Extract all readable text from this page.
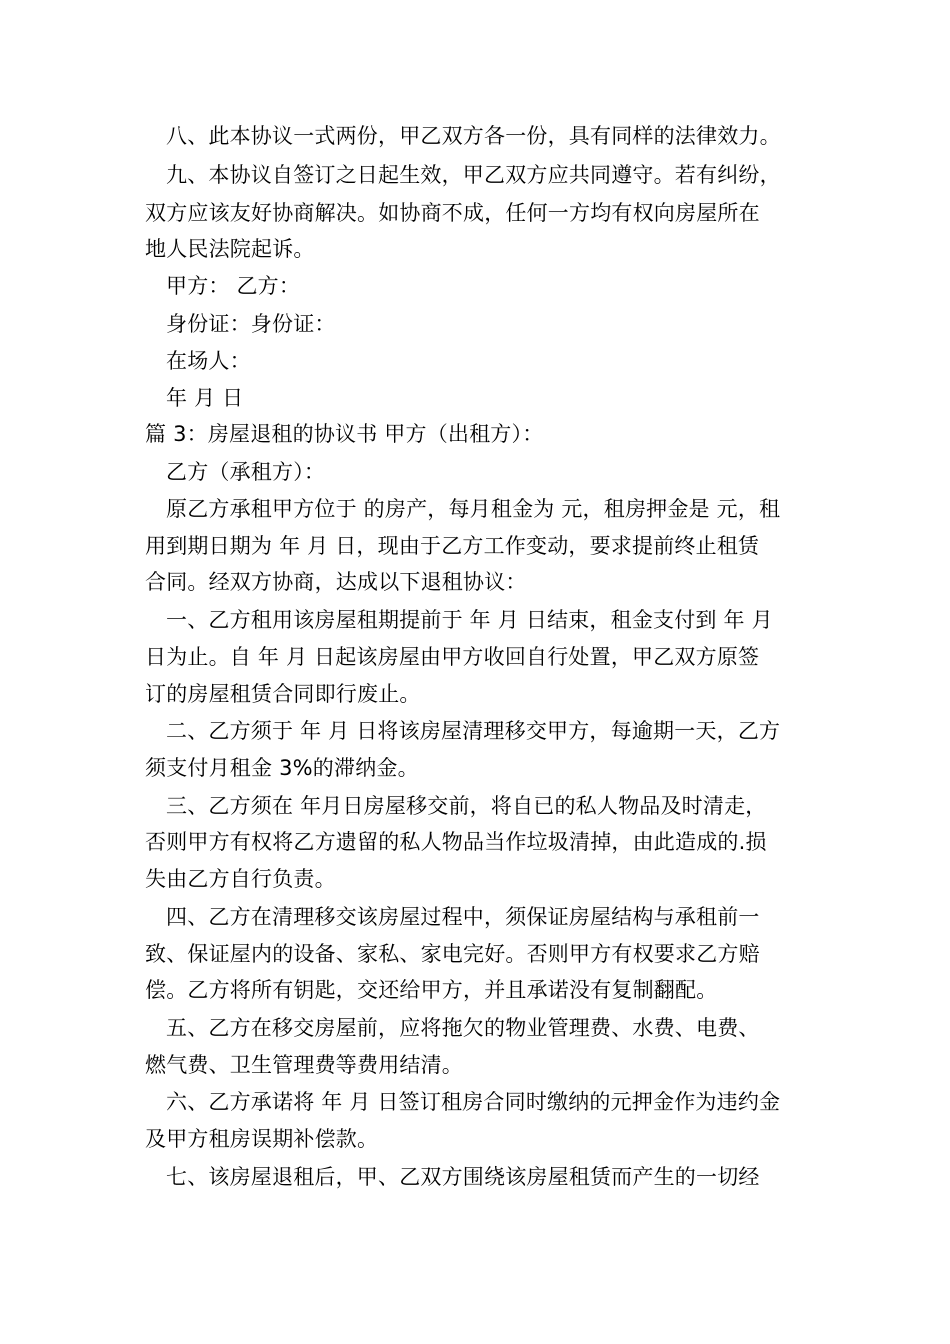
八、此本协议一式两份，甲乙双方各一份，具有同样的法律效力。
九、本协议自签订之日起生效，甲乙双方应共同遵守。若有纠纷，
双方应该友好协商解决。如协商不成，任何一方均有权向房屋所在
地人民法院起诉。
甲方： 乙方：
身份证：身份证：
在场人：
年 月 日
篇 3：房屋退租的协议书 甲方（出租方）：
乙方（承租方）：
原乙方承租甲方位于 的房产，每月租金为 元，租房押金是 元，租
用到期日期为 年 月 日，现由于乙方工作变动，要求提前终止租赁
合同。经双方协商，达成以下退租协议：
一、乙方租用该房屋租期提前于 年 月 日结束，租金支付到 年 月
日为止。自 年 月 日起该房屋由甲方收回自行处置，甲乙双方原签
订的房屋租赁合同即行废止。
二、乙方须于 年 月 日将该房屋清理移交甲方，每逾期一天，乙方
须支付月租金 3%的滞纳金。
三、乙方须在 年月日房屋移交前，将自已的私人物品及时清走，
否则甲方有权将乙方遗留的私人物品当作垃圾清掉，由此造成的.损
失由乙方自行负责。
四、乙方在清理移交该房屋过程中，须保证房屋结构与承租前一
致、保证屋内的设备、家私、家电完好。否则甲方有权要求乙方赔
偿。乙方将所有钥匙，交还给甲方，并且承诺没有复制翻配。
五、乙方在移交房屋前，应将拖欠的物业管理费、水费、电费、
燃气费、卫生管理费等费用结清。
六、乙方承诺将 年 月 日签订租房合同时缴纳的元押金作为违约金
及甲方租房误期补偿款。
七、该房屋退租后，甲、乙双方围绕该房屋租赁而产生的一切经
